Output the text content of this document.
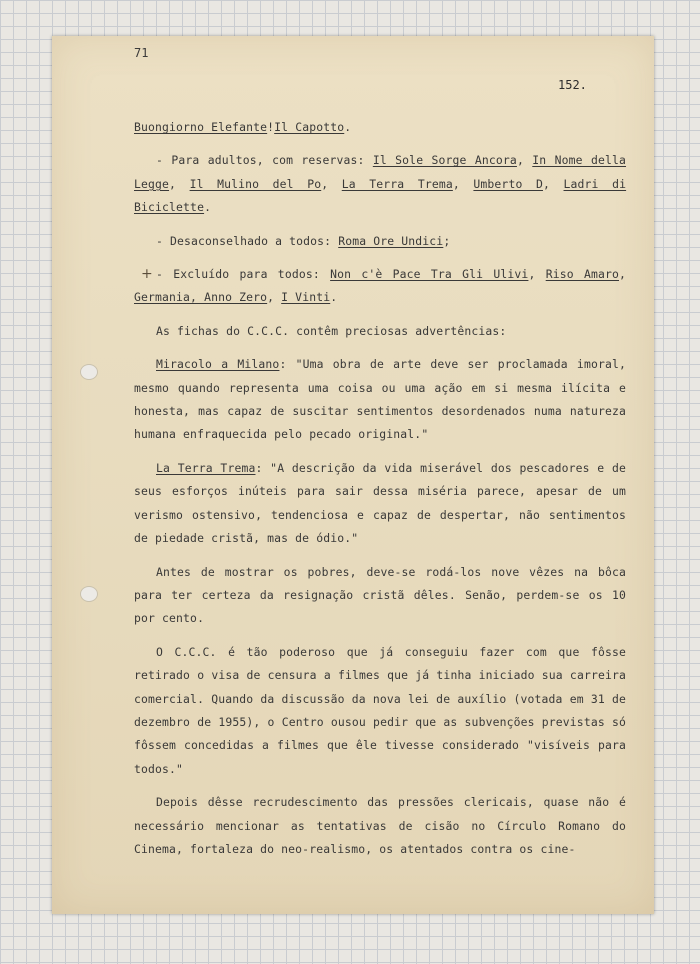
71
152.
+

Buongiorno Elefante!Il Capotto.

- Para adultos, com reservas: Il Sole Sorge Ancora, In Nome della Legge, Il Mulino del Po, La Terra Trema, Umberto D, Ladri di Biciclette.

- Desaconselhado a todos: Roma Ore Undici;

- Excluído para todos: Non c'è Pace Tra Gli Ulivi, Riso Amaro, Germania, Anno Zero, I Vinti.

As fichas do C.C.C. contêm preciosas advertências:

Miracolo a Milano: "Uma obra de arte deve ser proclamada imoral, mesmo quando representa uma coisa ou uma ação em si mesma ilícita e honesta, mas capaz de suscitar sentimentos desordenados numa natureza humana enfraquecida pelo pecado original."

La Terra Trema: "A descrição da vida miserável dos pescadores e de seus esforços inúteis para sair dessa miséria parece, apesar de um verismo ostensivo, tendenciosa e capaz de despertar, não sentimentos de piedade cristã, mas de ódio."

Antes de mostrar os pobres, deve-se rodá-los nove vêzes na bôca para ter certeza da resignação cristã dêles. Senão, perdem-se os 10 por cento.

O C.C.C. é tão poderoso que já conseguiu fazer com que fôsse retirado o visa de censura a filmes que já tinha iniciado sua carreira comercial. Quando da discussão da nova lei de auxílio (votada em 31 de dezembro de 1955), o Centro ousou pedir que as subvenções previstas só fôssem concedidas a filmes que êle tivesse considerado "visíveis para todos."

Depois dêsse recrudescimento das pressões clericais, quase não é necessário mencionar as tentativas de cisão no Círculo Romano do Cinema, fortaleza do neo-realismo, os atentados contra os cine-
